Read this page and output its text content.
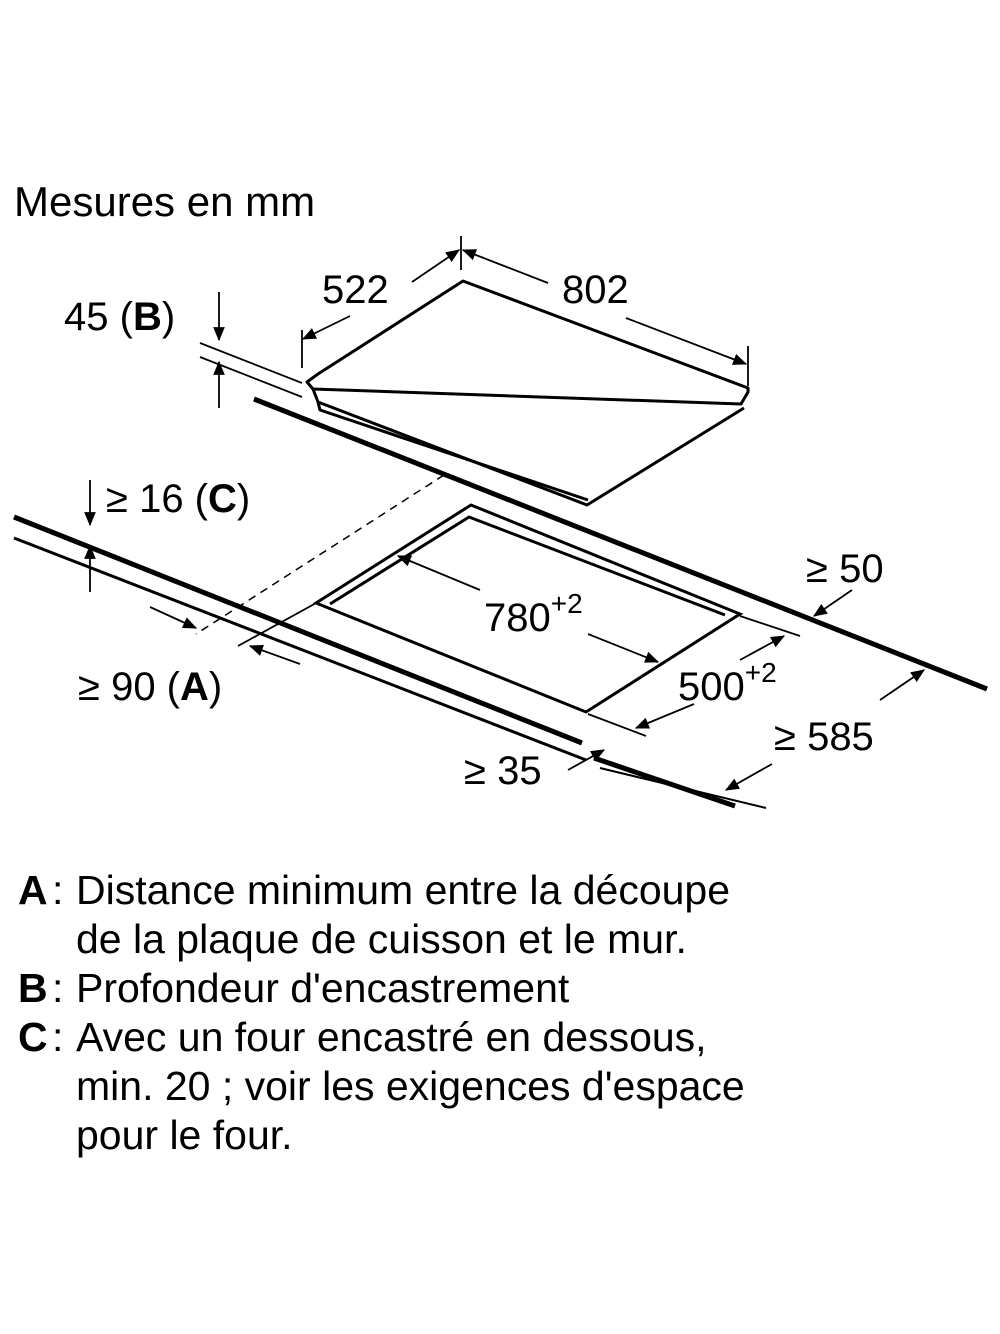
Mesures en mm
522	802
45 (B)
≥ 16 (C)
≥ 50
$780^{+2}$
$500^{+2}$
≥ 90 (A)
≥ 35
≥ 585
A : Distance minimum entre la découpe
de la plaque de cuisson et le mur.
B : Profondeur d'encastrement
C : Avec un four encastré en dessous,
min. 20 ; voir les exigences d'espace
pour le four.
